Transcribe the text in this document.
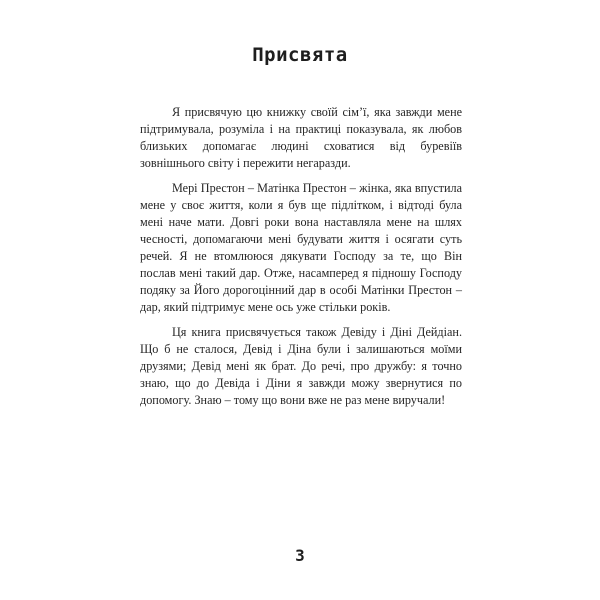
Присвята

Я присвячую цю книжку своїй сім’ї, яка завжди мене підтримувала, розуміла і на практиці показувала, як любов близьких допомагає людині сховатися від буревіїв зовнішнього світу і пережити негаразди.

Мері Престон – Матінка Престон – жінка, яка впустила мене у своє життя, коли я був ще підлітком, і відтоді була мені наче мати. Довгі роки вона наставляла мене на шлях чесності, допомагаючи мені будувати життя і осягати суть речей. Я не втомлююся дякувати Господу за те, що Він послав мені такий дар. Отже, насамперед я підношу Господу подяку за Його дорогоцінний дар в особі Матінки Престон – дар, який підтримує мене ось уже стільки років.

Ця книга присвячується також Девіду і Діні Дейдіан. Що б не сталося, Девід і Діна були і залишаються моїми друзями; Девід мені як брат. До речі, про дружбу: я точно знаю, що до Девіда і Діни я завжди можу звернутися по допомогу. Знаю – тому що вони вже не раз мене виручали!

3
